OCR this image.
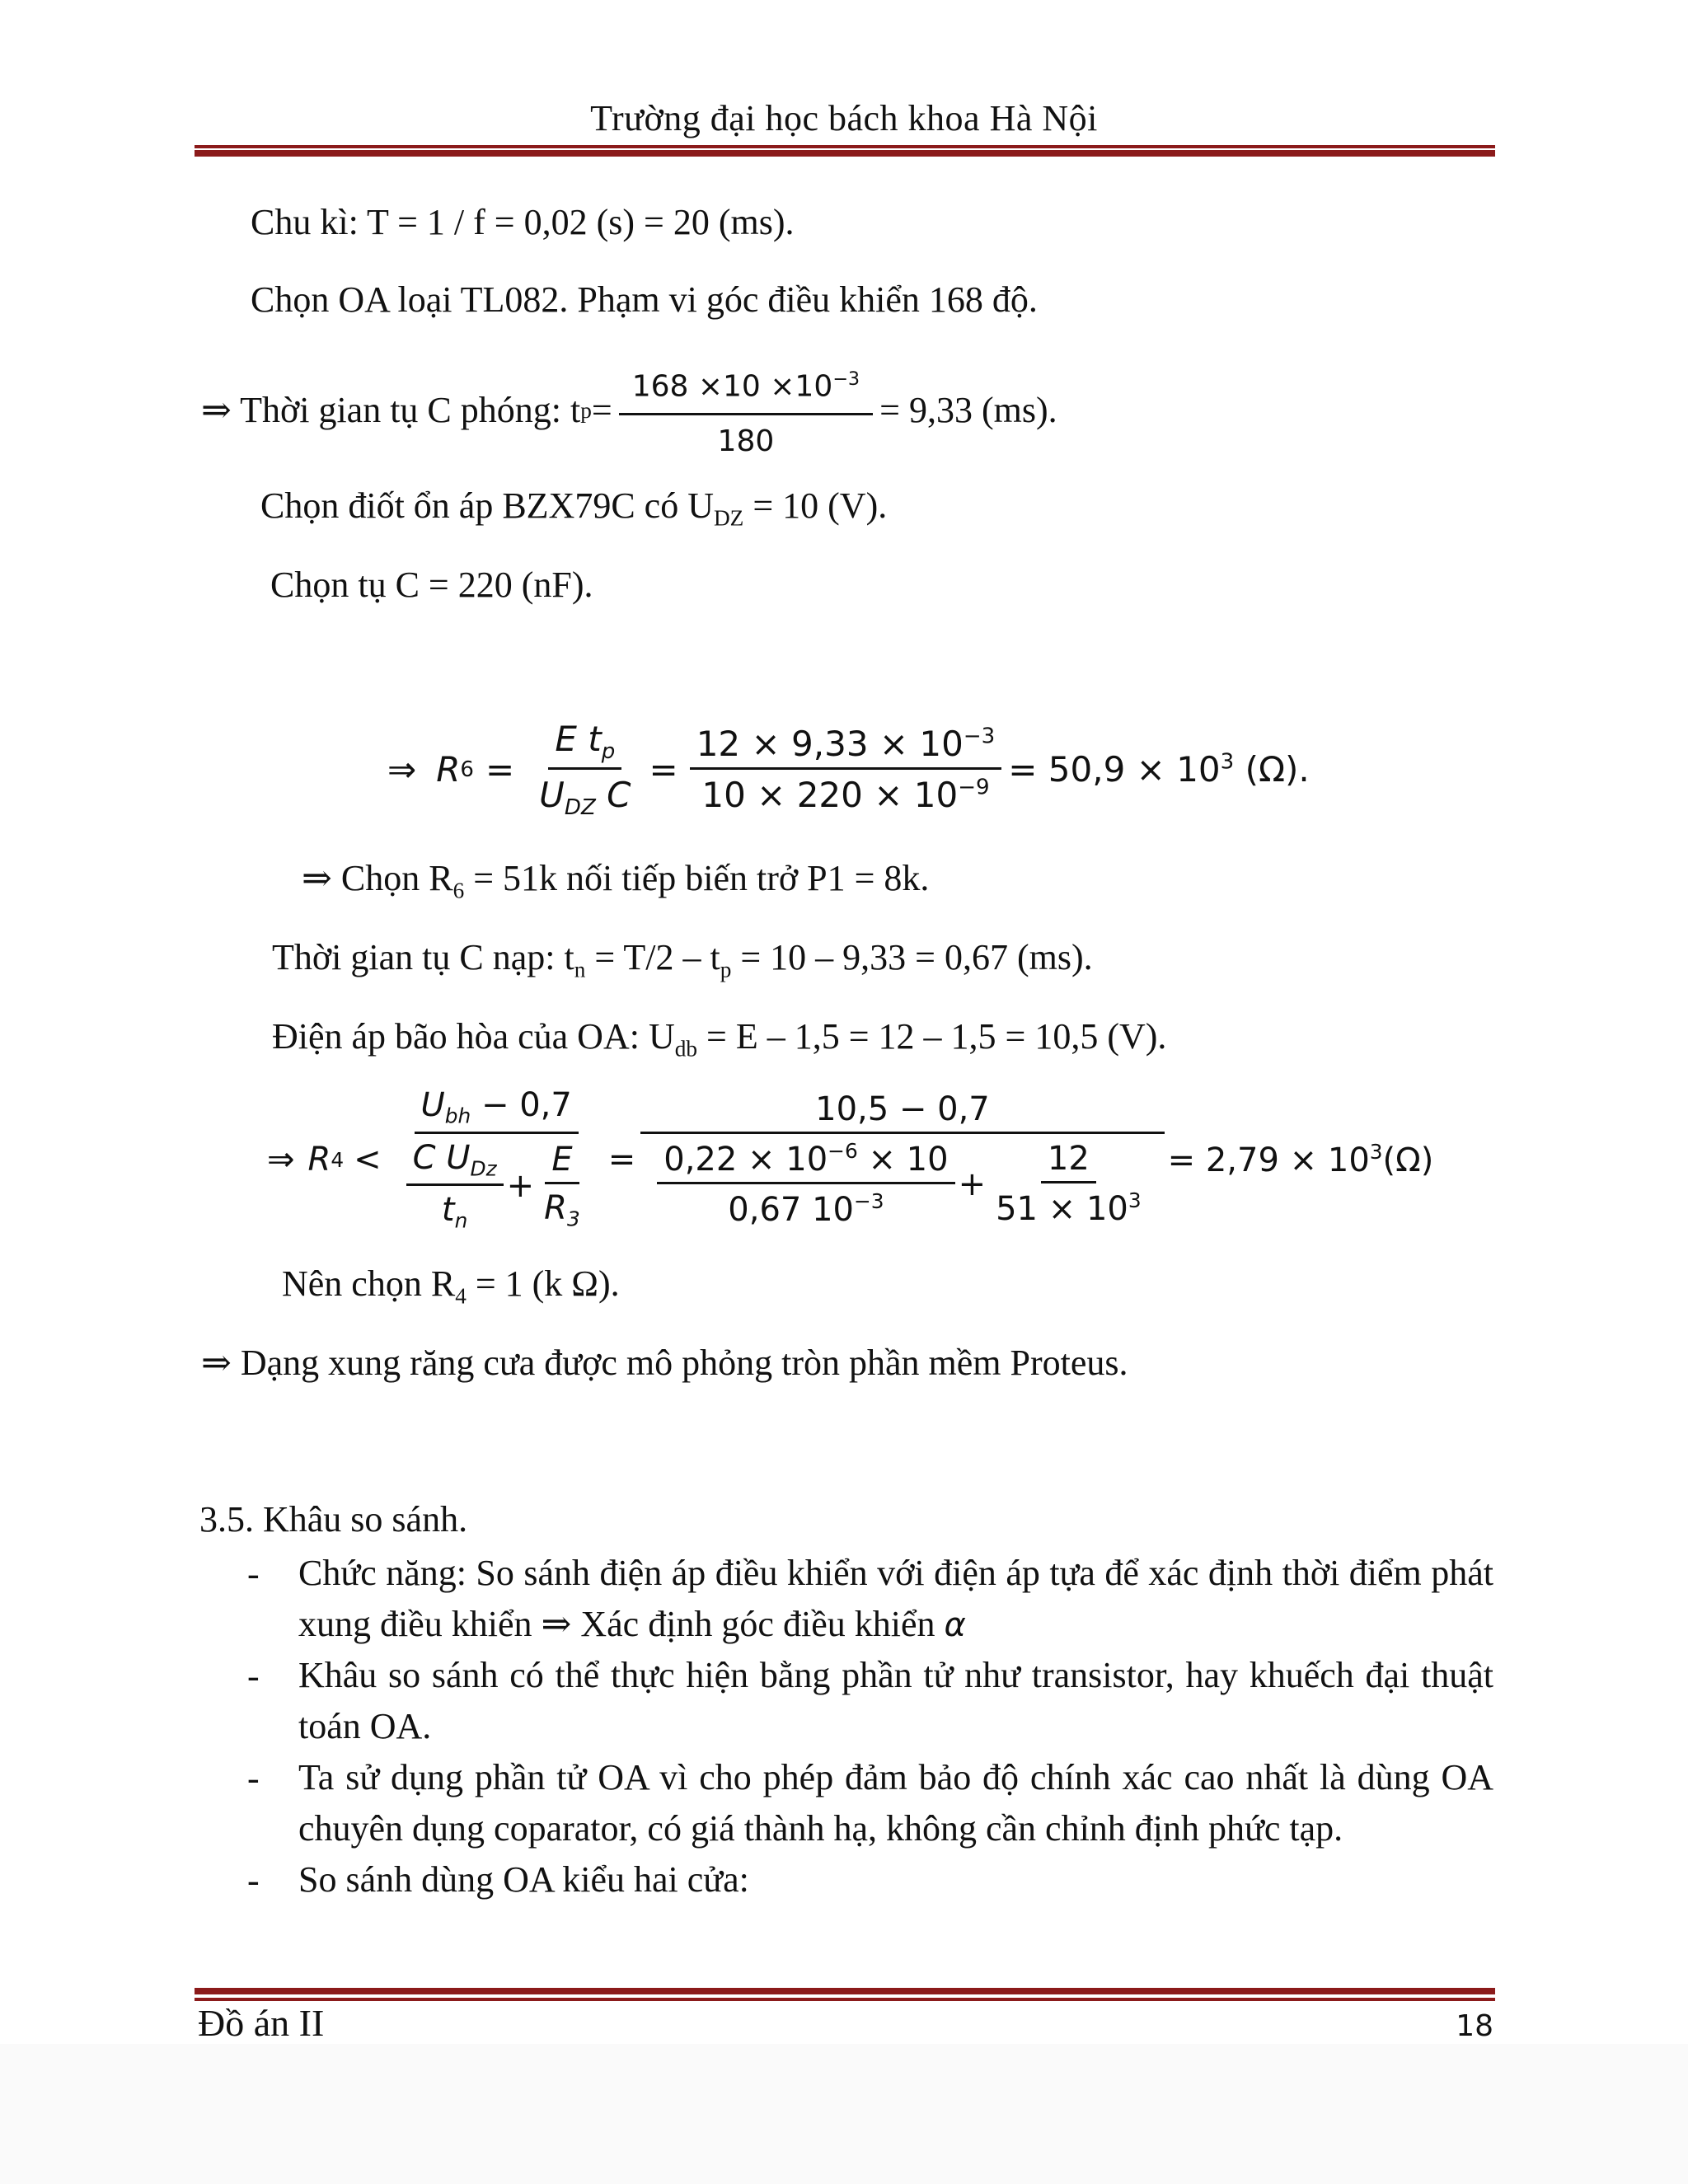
Trường đại học bách khoa Hà Nội
Chu kì: T = 1 / f = 0,02 (s) = 20 (ms).
Chọn OA loại TL082. Phạm vi góc điều khiển 168 độ.
⇒ Thời gian tụ C phóng: t $p = \frac{168 \times 10 \times 10^{-3}}{180} = 9,33$ (ms).
Chọn điốt ổn áp BZX79C có $U_{DZ} = 10$ (V).
Chọn tụ C = 220 (nF).
⇒ R $6 = \frac{E t_p}{U_{DZ} C} = \frac{12 \times 9,33 \times 10^{-3}}{10 \times 220 \times 10^{-9}} = 50,9 \times 10^3$ (Ω).
⇒ Chọn $R_6 = 51k$ nối tiếp biến trở P1 = 8k.
Thời gian tụ C nạp: $t_n = T/2 - t_p = 10 - 9,33 = 0,67$ (ms).
Điện áp bão hòa của OA: $U_{db} = E - 1,5 = 12 - 1,5 = 10,5$ (V).
⇒ R $4 < \frac{U_{bh} - 0,7}{\frac{C U_{Dz}}{t_n} + \frac{E}{R_3}}$ =
10,5 − 0,7
$\frac{0,22 \times 10^{-6} \times 10}{0,67 10^{-3}} + \frac{12}{51 \times 10^3} = 2,79 \times 10^3(\Omega)$
Nên chọn $R_4 = 1$ (k Ω).
⇒ Dạng xung răng cưa được mô phỏng tròn phần mềm Proteus.
3.5. Khâu so sánh.
- Chức năng: So sánh điện áp điều khiển với điện áp tựa để xác định thời điểm phát xung điều khiển ⇒ Xác định góc điều khiển α
- Khâu so sánh có thể thực hiện bằng phần tử như transistor, hay khuếch đại thuật toán OA.
- Ta sử dụng phần tử OA vì cho phép đảm bảo độ chính xác cao nhất là dùng OA chuyên dụng coparator, có giá thành hạ, không cần chỉnh định phức tạp.
- So sánh dùng OA kiểu hai cửa:
Đồ án II	18
